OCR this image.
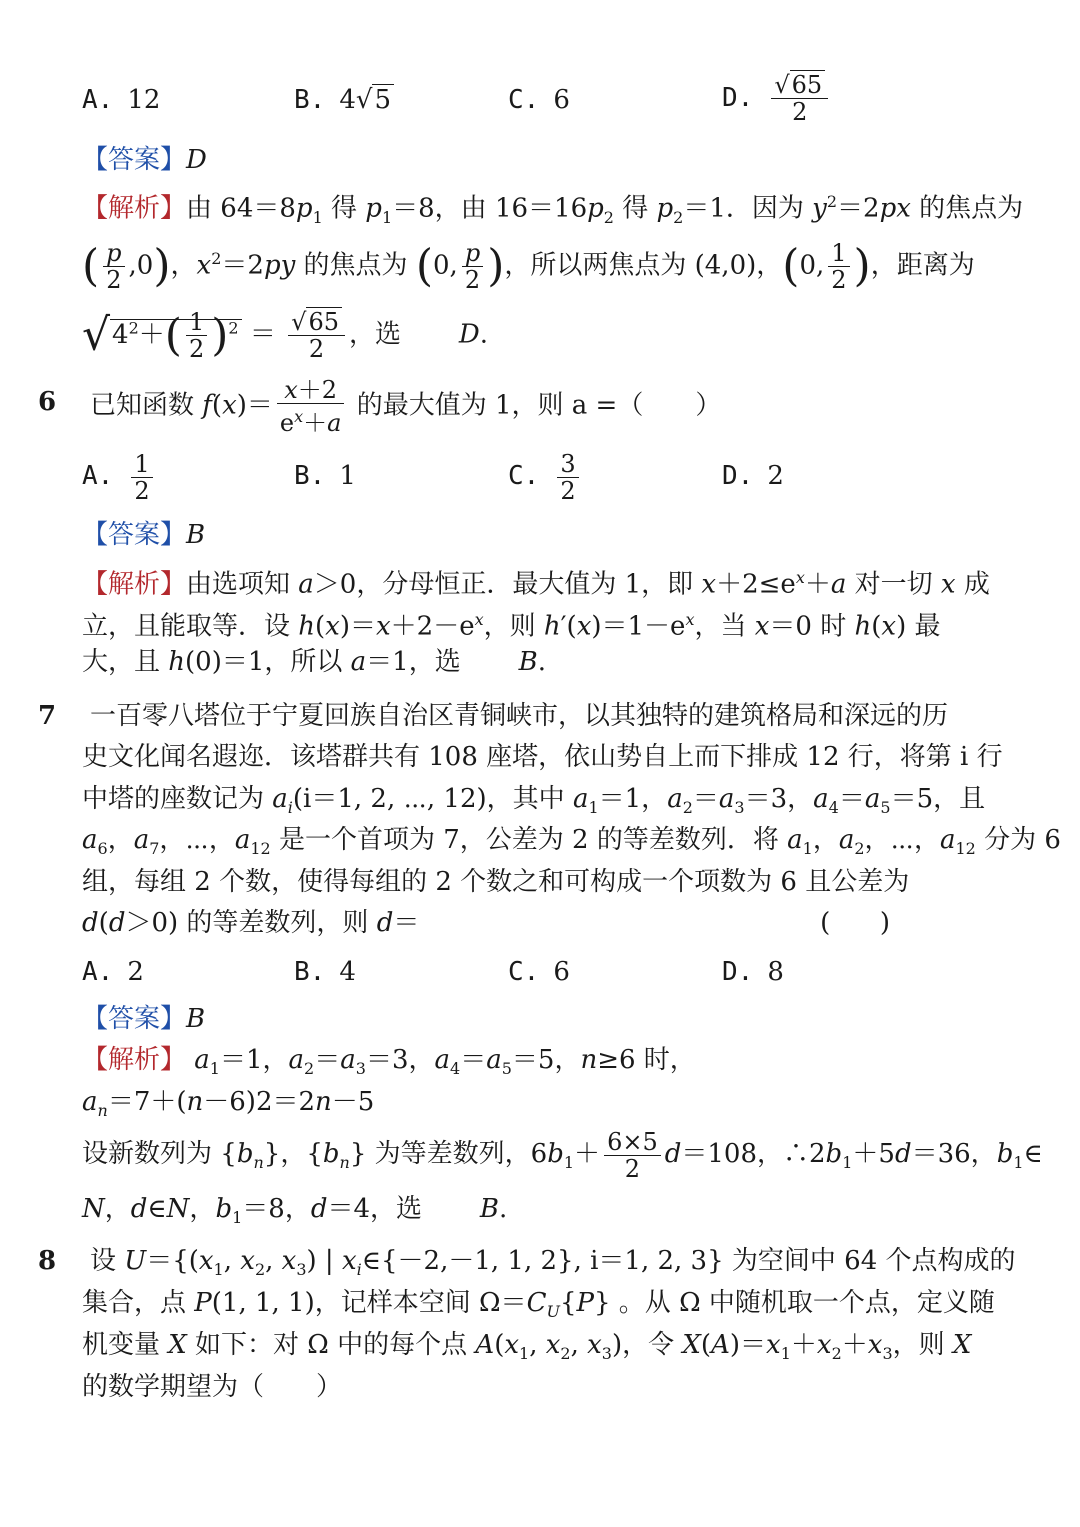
A. 12	B. 4√5	C. 6	D. $\frac{√65}{2}$
【答案】D
【解析】由 $64=8p_1$ 得 $p_1=8$，由 $16=16p_2$ 得 $p_2=1$．因为 $y^2=2px$ 的焦点为
( $\frac{p}{2} ,0$)，$x^2=2py$ 的焦点为 (0, $\frac{p}{2}$ )，所以两焦点为 (4,0)，(0, $\frac{1}{2}$ )，距离为
$√4^2+( \frac{1}{2} )^2 = \frac{√65}{2}$ ，选       D.
6 已知函数 $f(x)= \frac{x+2}{e^x+a}$ 的最大值为 1，则 a =（　　）
A. $\frac{1}{2}$	B. 1	C. $\frac{3}{2}$	D. 2
【答案】B
【解析】由选项知 a＞0，分母恒正．最大值为 1，即 $x+2\le e^x+a$ 对一切 x 成
立，且能取等．设 $h(x)=x+2-e^x$，则 $h'(x)=1-e^x$，当 x＝0 时 h(x) 最
大，且 h(0)＝1，所以 a＝1，选       B.
7 一百零八塔位于宁夏回族自治区青铜峡市，以其独特的建筑格局和深远的历
史文化闻名遐迩．该塔群共有 108 座塔，依山势自上而下排成 12 行，将第 i 行
中塔的座数记为 $a_i(i=1$, 2, ⋯, 12)，其中 $a_1=1$，$a_2=a_3=3$，$a_4=a_5=5$，且
$a_6$，$a_7$，⋯，$a_{12}$ 是一个首项为 7，公差为 2 的等差数列．将 $a_1$，$a_2$，⋯，$a_{12}$ 分为 6
组，每组 2 个数，使得每组的 2 个数之和可构成一个项数为 6 且公差为
d(d＞0) 的等差数列，则 d＝	(      )
A. 2	B. 4	C. 6	D. 8
【答案】B
【解析】 $a_1=1$，$a_2=a_3=3$，$a_4=a_5=5$，n≥6 时，
$a_n=7+(n-6)2=2n-5$
设新数列为 $\{b_n\}$，$\{b_n\}$ 为等差数列，$6b_1+ \frac{6\times 5}{2} d=108$，$\therefore 2b_1+5d=36$，$b_1\in$
N，d∈N，$b_1=8$，d＝4，选       B.
8 设 $U=\{(x_1$, $x_2$, $x_3$) | $x_i\in\{-2,-1$, 1, 2}, i＝1, 2, 3} 为空间中 64 个点构成的
集合，点 P(1, 1, 1)，记样本空间 $\Omega=C_U\{P\}$ 。从 Ω 中随机取一个点，定义随
机变量 X 如下：对 Ω 中的每个点 $A(x_1$, $x_2$, $x_3$)，令 $X(A)=x_1+x_2+x_3$，则 X
的数学期望为（　　）
